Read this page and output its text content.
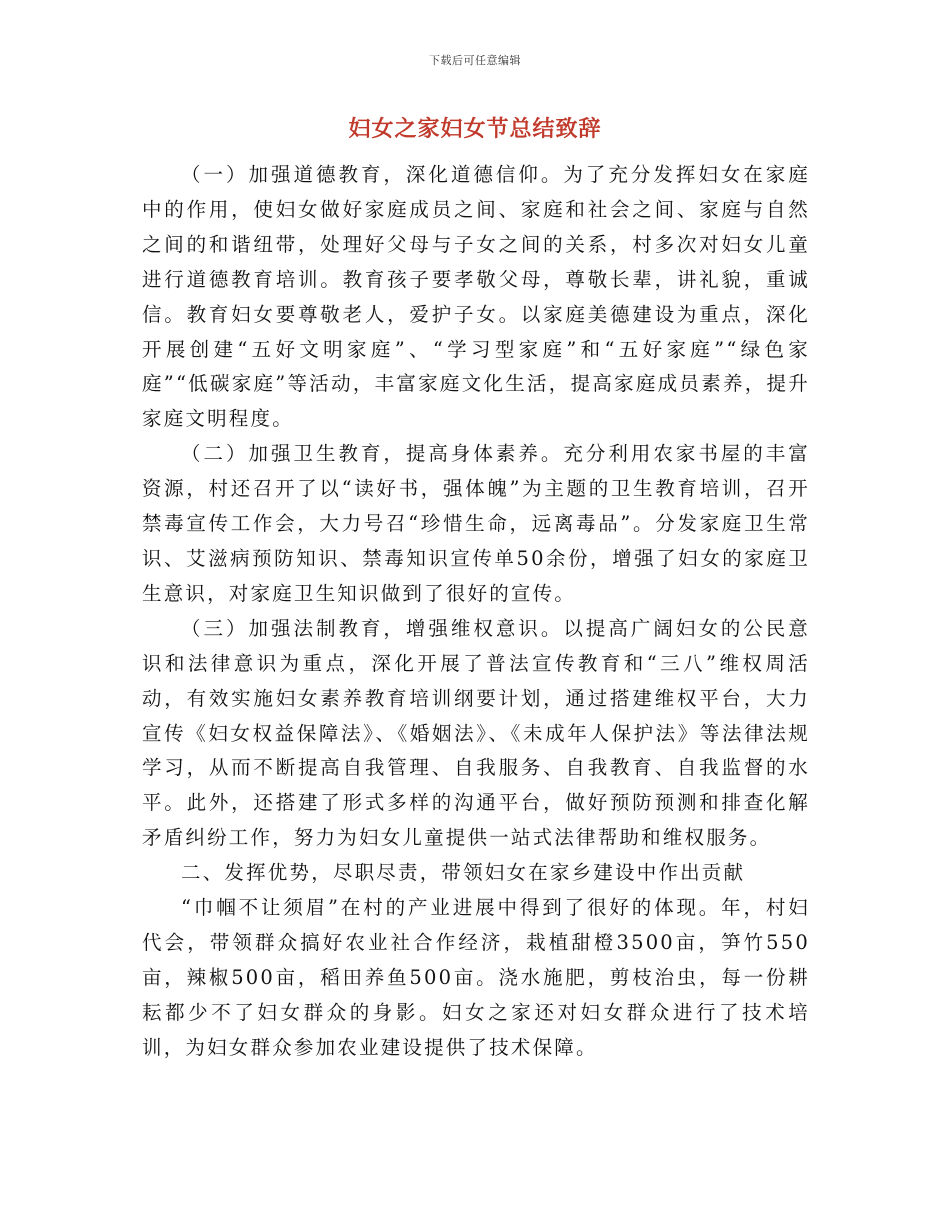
下载后可任意编辑
妇女之家妇女节总结致辞

（一）加强道德教育，深化道德信仰。为了充分发挥妇女在家庭中的作用，使妇女做好家庭成员之间、家庭和社会之间、家庭与自然之间的和谐纽带，处理好父母与子女之间的关系，村多次对妇女儿童进行道德教育培训。教育孩子要孝敬父母，尊敬长辈，讲礼貌，重诚信。教育妇女要尊敬老人，爱护子女。以家庭美德建设为重点，深化开展创建“五好文明家庭”、“学习型家庭”和“五好家庭”“绿色家庭”“低碳家庭”等活动，丰富家庭文化生活，提高家庭成员素养，提升家庭文明程度。

（二）加强卫生教育，提高身体素养。充分利用农家书屋的丰富资源，村还召开了以“读好书，强体魄”为主题的卫生教育培训，召开禁毒宣传工作会，大力号召“珍惜生命，远离毒品”。分发家庭卫生常识、艾滋病预防知识、禁毒知识宣传单50余份，增强了妇女的家庭卫生意识，对家庭卫生知识做到了很好的宣传。

（三）加强法制教育，增强维权意识。以提高广阔妇女的公民意识和法律意识为重点，深化开展了普法宣传教育和“三八”维权周活动，有效实施妇女素养教育培训纲要计划，通过搭建维权平台，大力宣传《妇女权益保障法》、《婚姻法》、《未成年人保护法》等法律法规学习，从而不断提高自我管理、自我服务、自我教育、自我监督的水平。此外，还搭建了形式多样的沟通平台，做好预防预测和排查化解矛盾纠纷工作，努力为妇女儿童提供一站式法律帮助和维权服务。

二、发挥优势，尽职尽责，带领妇女在家乡建设中作出贡献

“巾帼不让须眉”在村的产业进展中得到了很好的体现。年，村妇代会，带领群众搞好农业社合作经济，栽植甜橙3500亩，笋竹550亩，辣椒500亩，稻田养鱼500亩。浇水施肥，剪枝治虫，每一份耕耘都少不了妇女群众的身影。妇女之家还对妇女群众进行了技术培训，为妇女群众参加农业建设提供了技术保障。
